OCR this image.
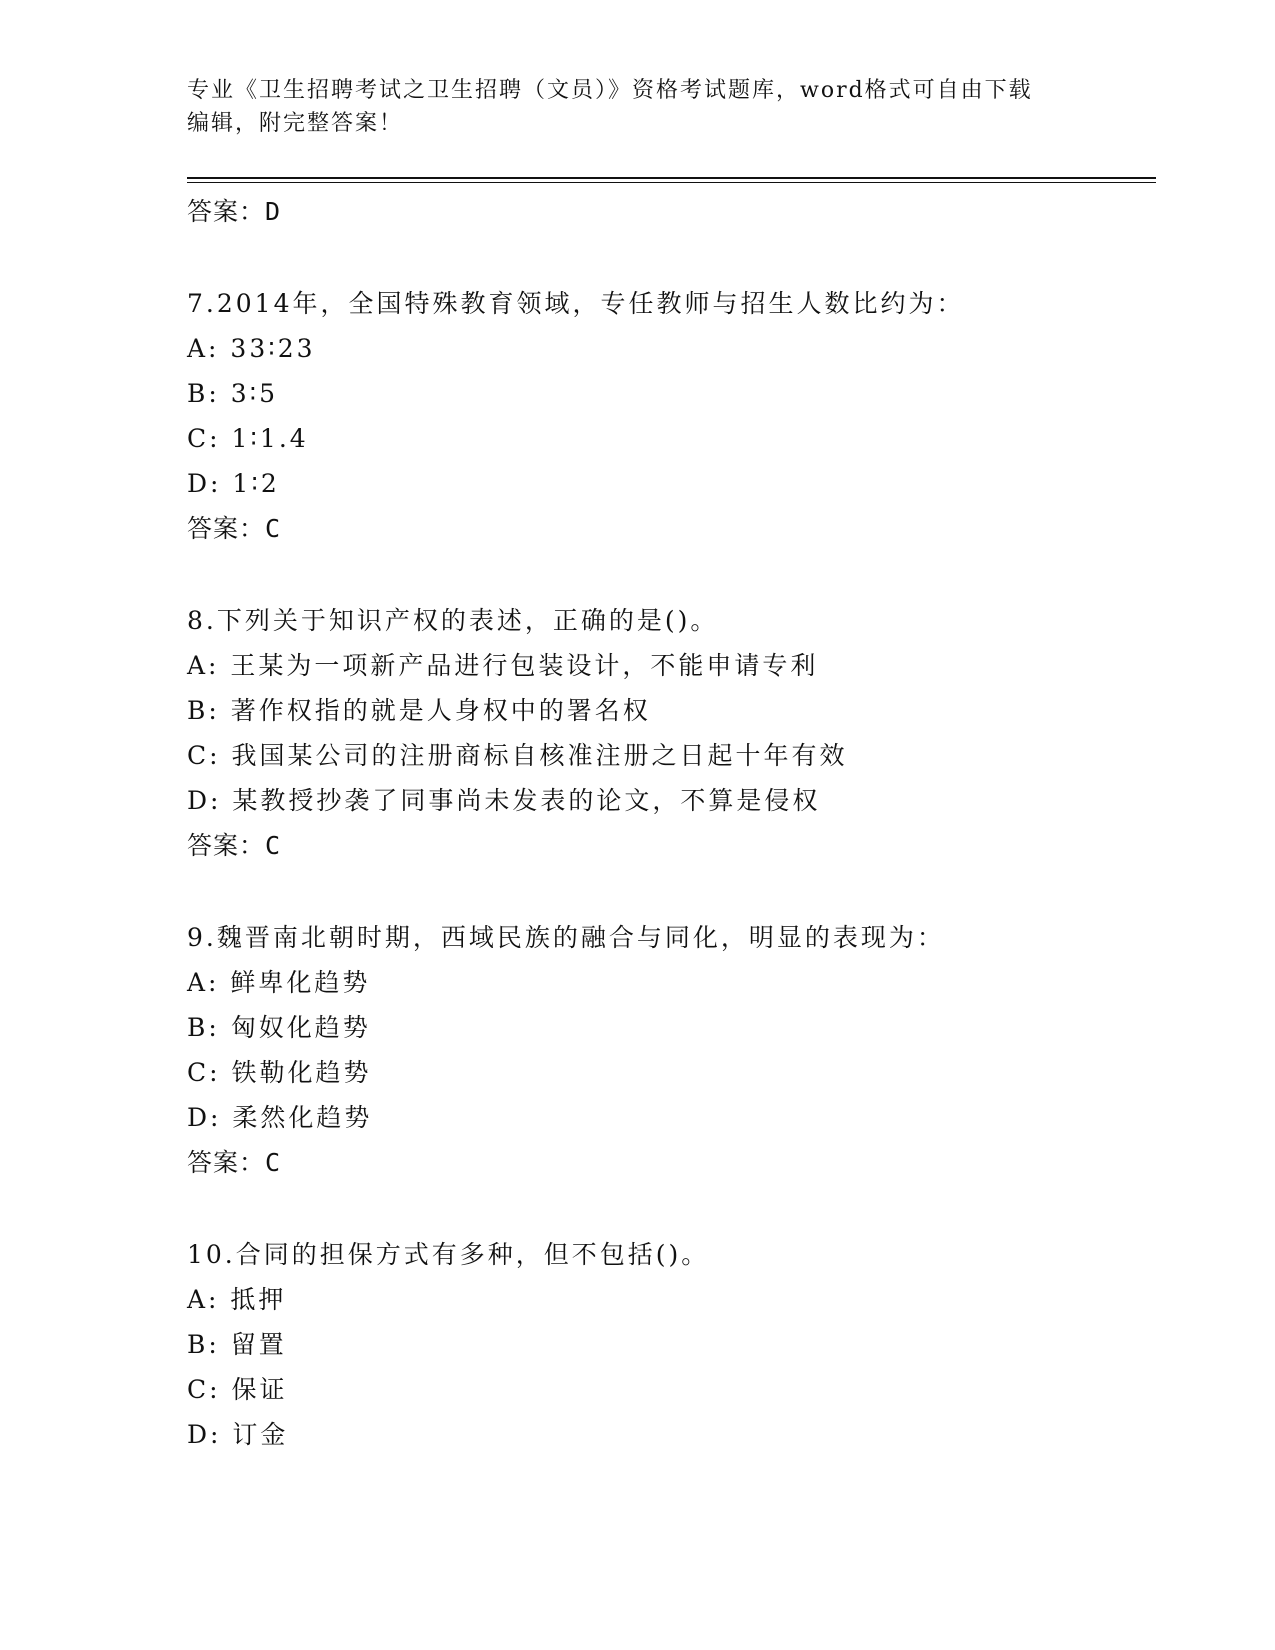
专业《卫生招聘考试之卫生招聘（文员）》资格考试题库，word格式可自由下载
编辑，附完整答案！
答案：D
7.2014年，全国特殊教育领域，专任教师与招生人数比约为：
A: 33∶23
B: 3∶5
C: 1∶1.4
D: 1∶2
答案：C
8.下列关于知识产权的表述，正确的是()。
A: 王某为一项新产品进行包装设计，不能申请专利
B: 著作权指的就是人身权中的署名权
C: 我国某公司的注册商标自核准注册之日起十年有效
D: 某教授抄袭了同事尚未发表的论文，不算是侵权
答案：C
9.魏晋南北朝时期，西域民族的融合与同化，明显的表现为：
A: 鲜卑化趋势
B: 匈奴化趋势
C: 铁勒化趋势
D: 柔然化趋势
答案：C
10.合同的担保方式有多种，但不包括()。
A: 抵押
B: 留置
C: 保证
D: 订金
